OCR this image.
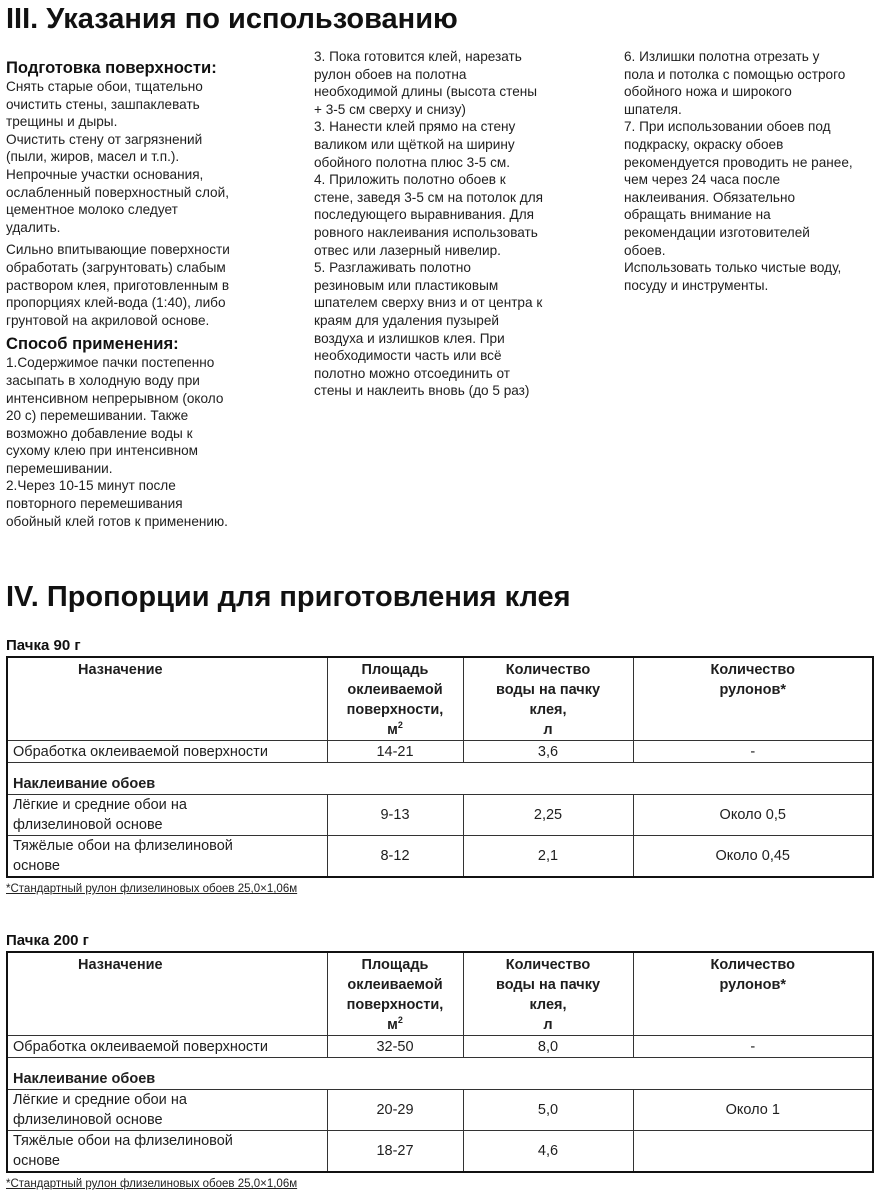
III. Указания по использованию
Подготовка поверхности:

Снять старые обои, тщательно

очистить стены, зашпаклевать

трещины и дыры.

Очистить стену от загрязнений

(пыли, жиров, масел и т.п.).

Непрочные участки основания,

ослабленный поверхностный слой,

цементное молоко следует

удалить.

Сильно впитывающие поверхности

обработать (загрунтовать) слабым

раствором клея, приготовленным в

пропорциях клей-вода (1:40), либо

грунтовой на акриловой основе.

Способ применения:

1.Содержимое пачки постепенно

засыпать в холодную воду при

интенсивном непрерывном (около

20 с) перемешивании. Также

возможно добавление воды к

сухому клею при интенсивном

перемешивании.

2.Через 10-15 минут после

повторного перемешивания

обойный клей готов к применению.

3. Пока готовится клей, нарезать

рулон обоев на полотна

необходимой длины (высота стены

+ 3-5 см сверху и снизу)

3. Нанести клей прямо на стену

валиком или щёткой на ширину

обойного полотна плюс 3-5 см.

4. Приложить полотно обоев к

стене, заведя 3-5 см на потолок для

последующего выравнивания. Для

ровного наклеивания использовать

отвес или лазерный нивелир.

5. Разглаживать полотно

резиновым или пластиковым

шпателем сверху вниз и от центра к

краям для удаления пузырей

воздуха и излишков клея. При

необходимости часть или всё

полотно можно отсоединить от

стены и наклеить вновь (до 5 раз)

6. Излишки полотна отрезать у

пола и потолка с помощью острого

обойного ножа и широкого

шпателя.

7. При использовании обоев под

подкраску, окраску обоев

рекомендуется проводить не ранее,

чем через 24 часа после

наклеивания. Обязательно

обращать внимание на

рекомендации изготовителей

обоев.

Использовать только чистые воду,

посуду и инструменты.

IV. Пропорции для приготовления клея

Пачка 90 г

Назначение	Площадь
оклеиваемой
поверхности,
$м^2$	Количество
воды на пачку
клея,
л	Количество
рулонов*
Обработка оклеиваемой поверхности	14-21	3,6	-
Наклеивание обоев			
Лёгкие и средние обои на
флизелиновой основе	9-13	2,25	Около 0,5
Тяжёлые обои на флизелиновой
основе	8-12	2,1	Около 0,45

*Стандартный рулон флизелиновых обоев 25,0×1,06м

Пачка 200 г

Назначение	Площадь
оклеиваемой
поверхности,
$м^2$	Количество
воды на пачку
клея,
л	Количество
рулонов*
Обработка оклеиваемой поверхности	32-50	8,0	-
Наклеивание обоев			
Лёгкие и средние обои на
флизелиновой основе	20-29	5,0	Около 1
Тяжёлые обои на флизелиновой
основе	18-27	4,6	

*Стандартный рулон флизелиновых обоев 25,0×1,06м
